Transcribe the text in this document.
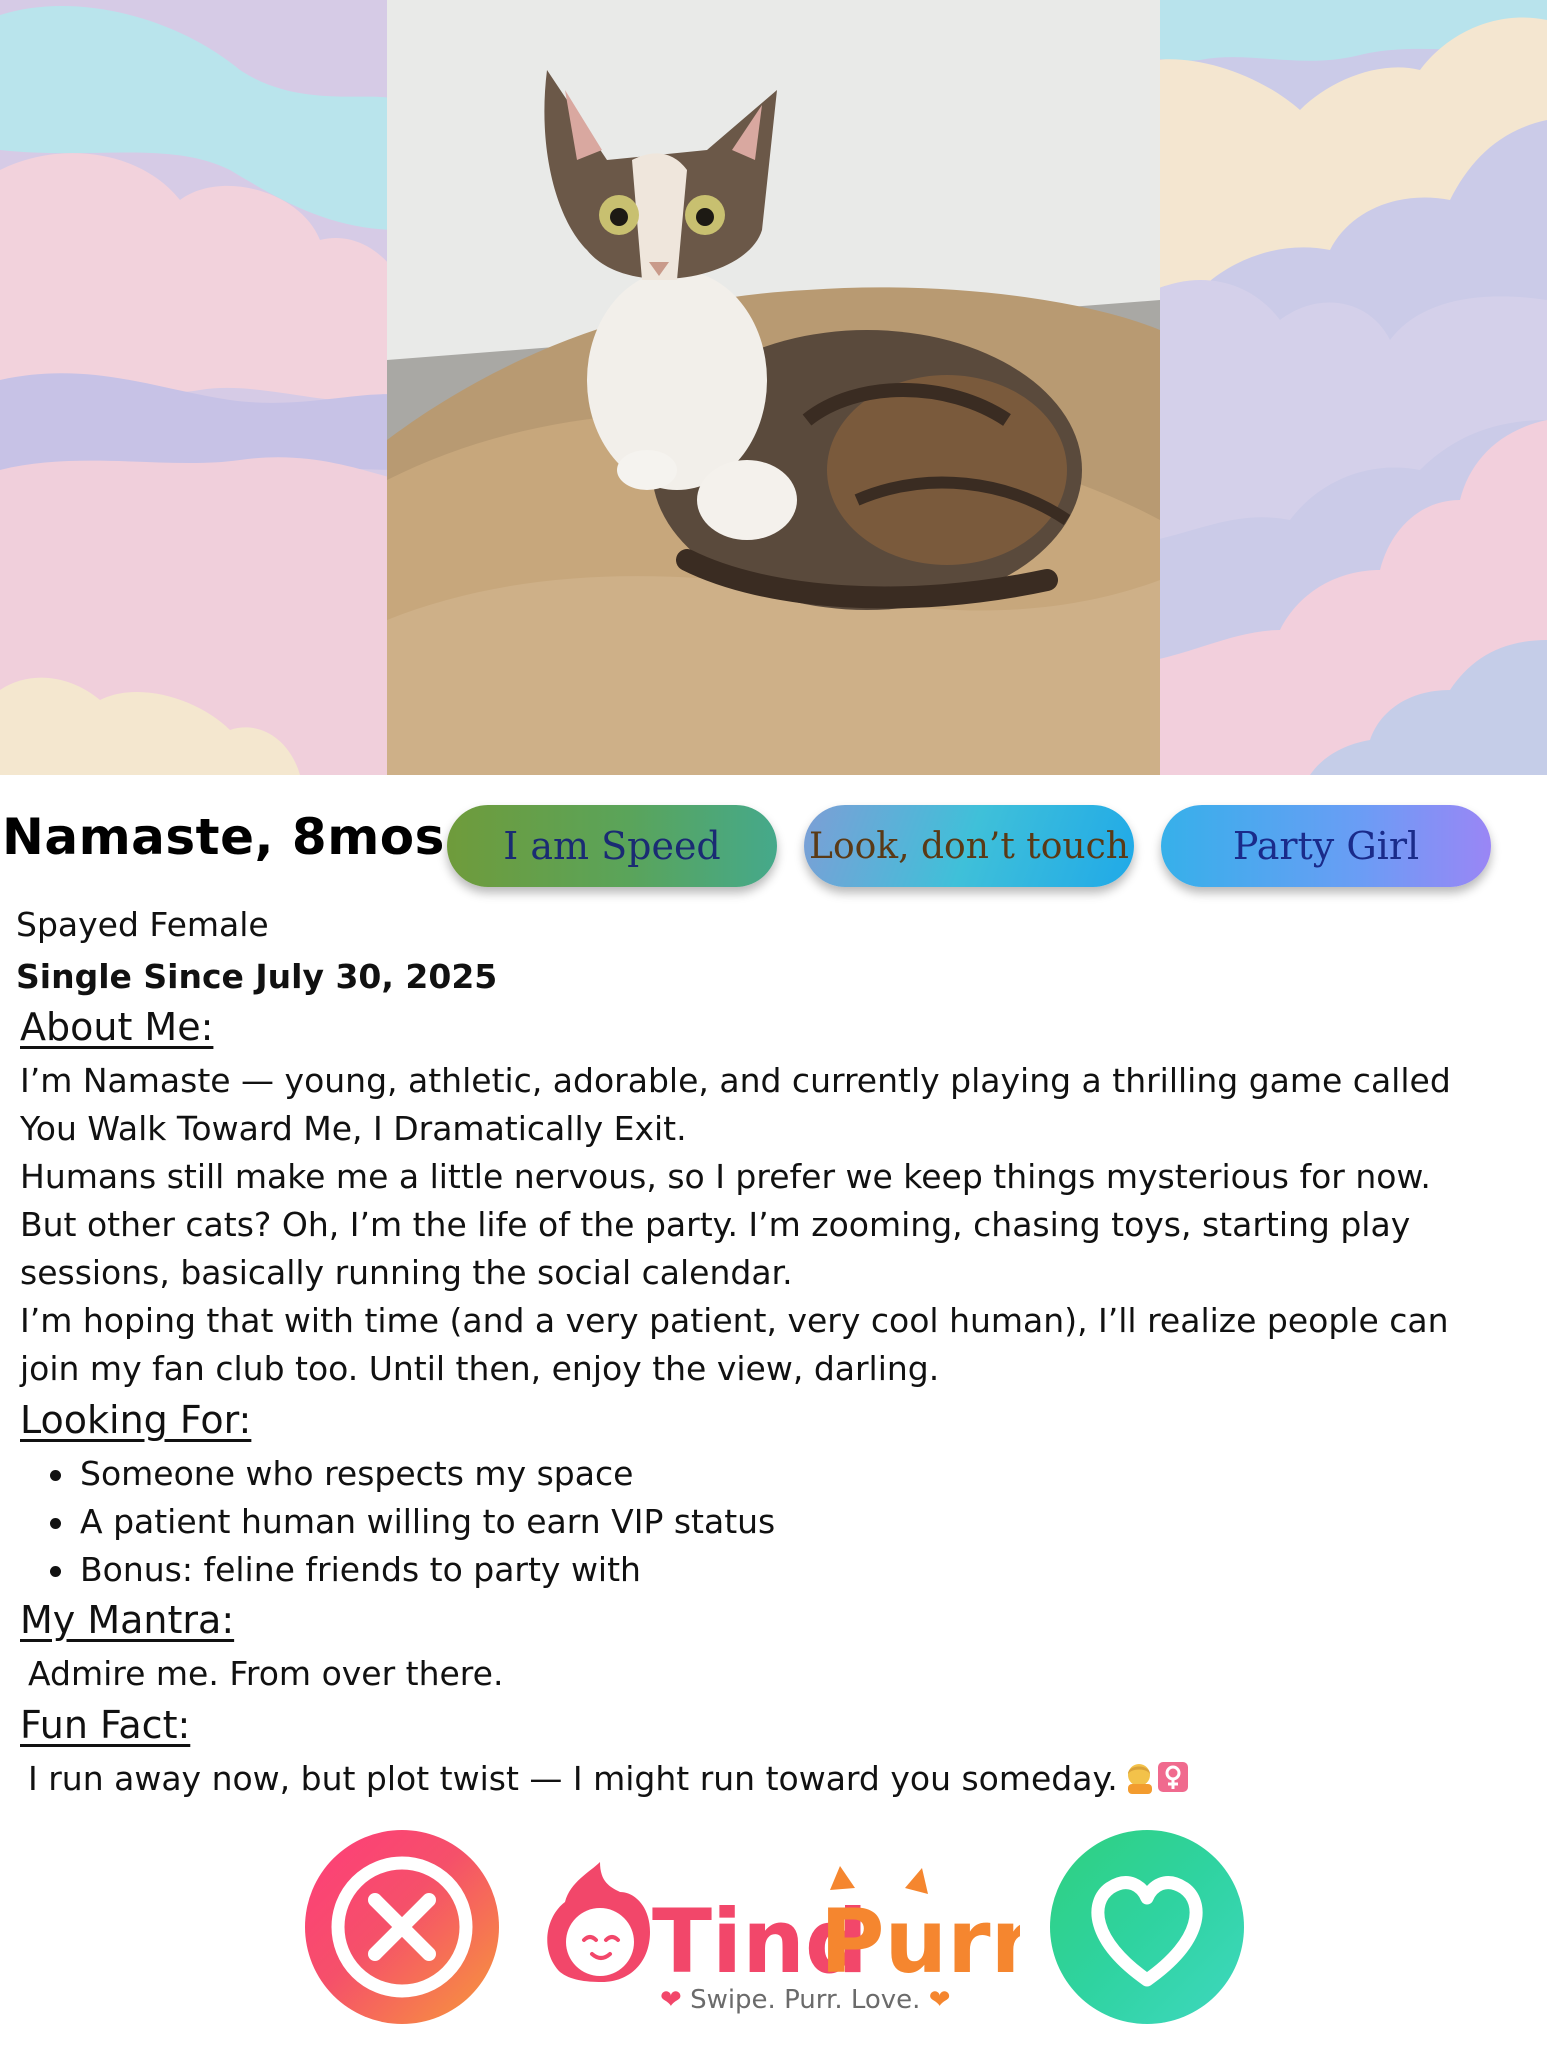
Namaste, 8mos	I am Speed	Look, don’t touch	Party Girl
Spayed Female
Single Since July 30, 2025
About Me:

I’m Namaste — young, athletic, adorable, and currently playing a thrilling game called

You Walk Toward Me, I Dramatically Exit.

Humans still make me a little nervous, so I prefer we keep things mysterious for now.

But other cats? Oh, I’m the life of the party. I’m zooming, chasing toys, starting play

sessions, basically running the social calendar.

I’m hoping that with time (and a very patient, very cool human), I’ll realize people can

join my fan club too. Until then, enjoy the view, darling.

Looking For:
Someone who respects my space
A patient human willing to earn VIP status
Bonus: feline friends to party with
My Mantra:
Admire me. From over there.
Fun Fact:
I run away now, but plot twist — I might run toward you someday.
Tind
Purr
❤ Swipe. Purr. Love. ❤
